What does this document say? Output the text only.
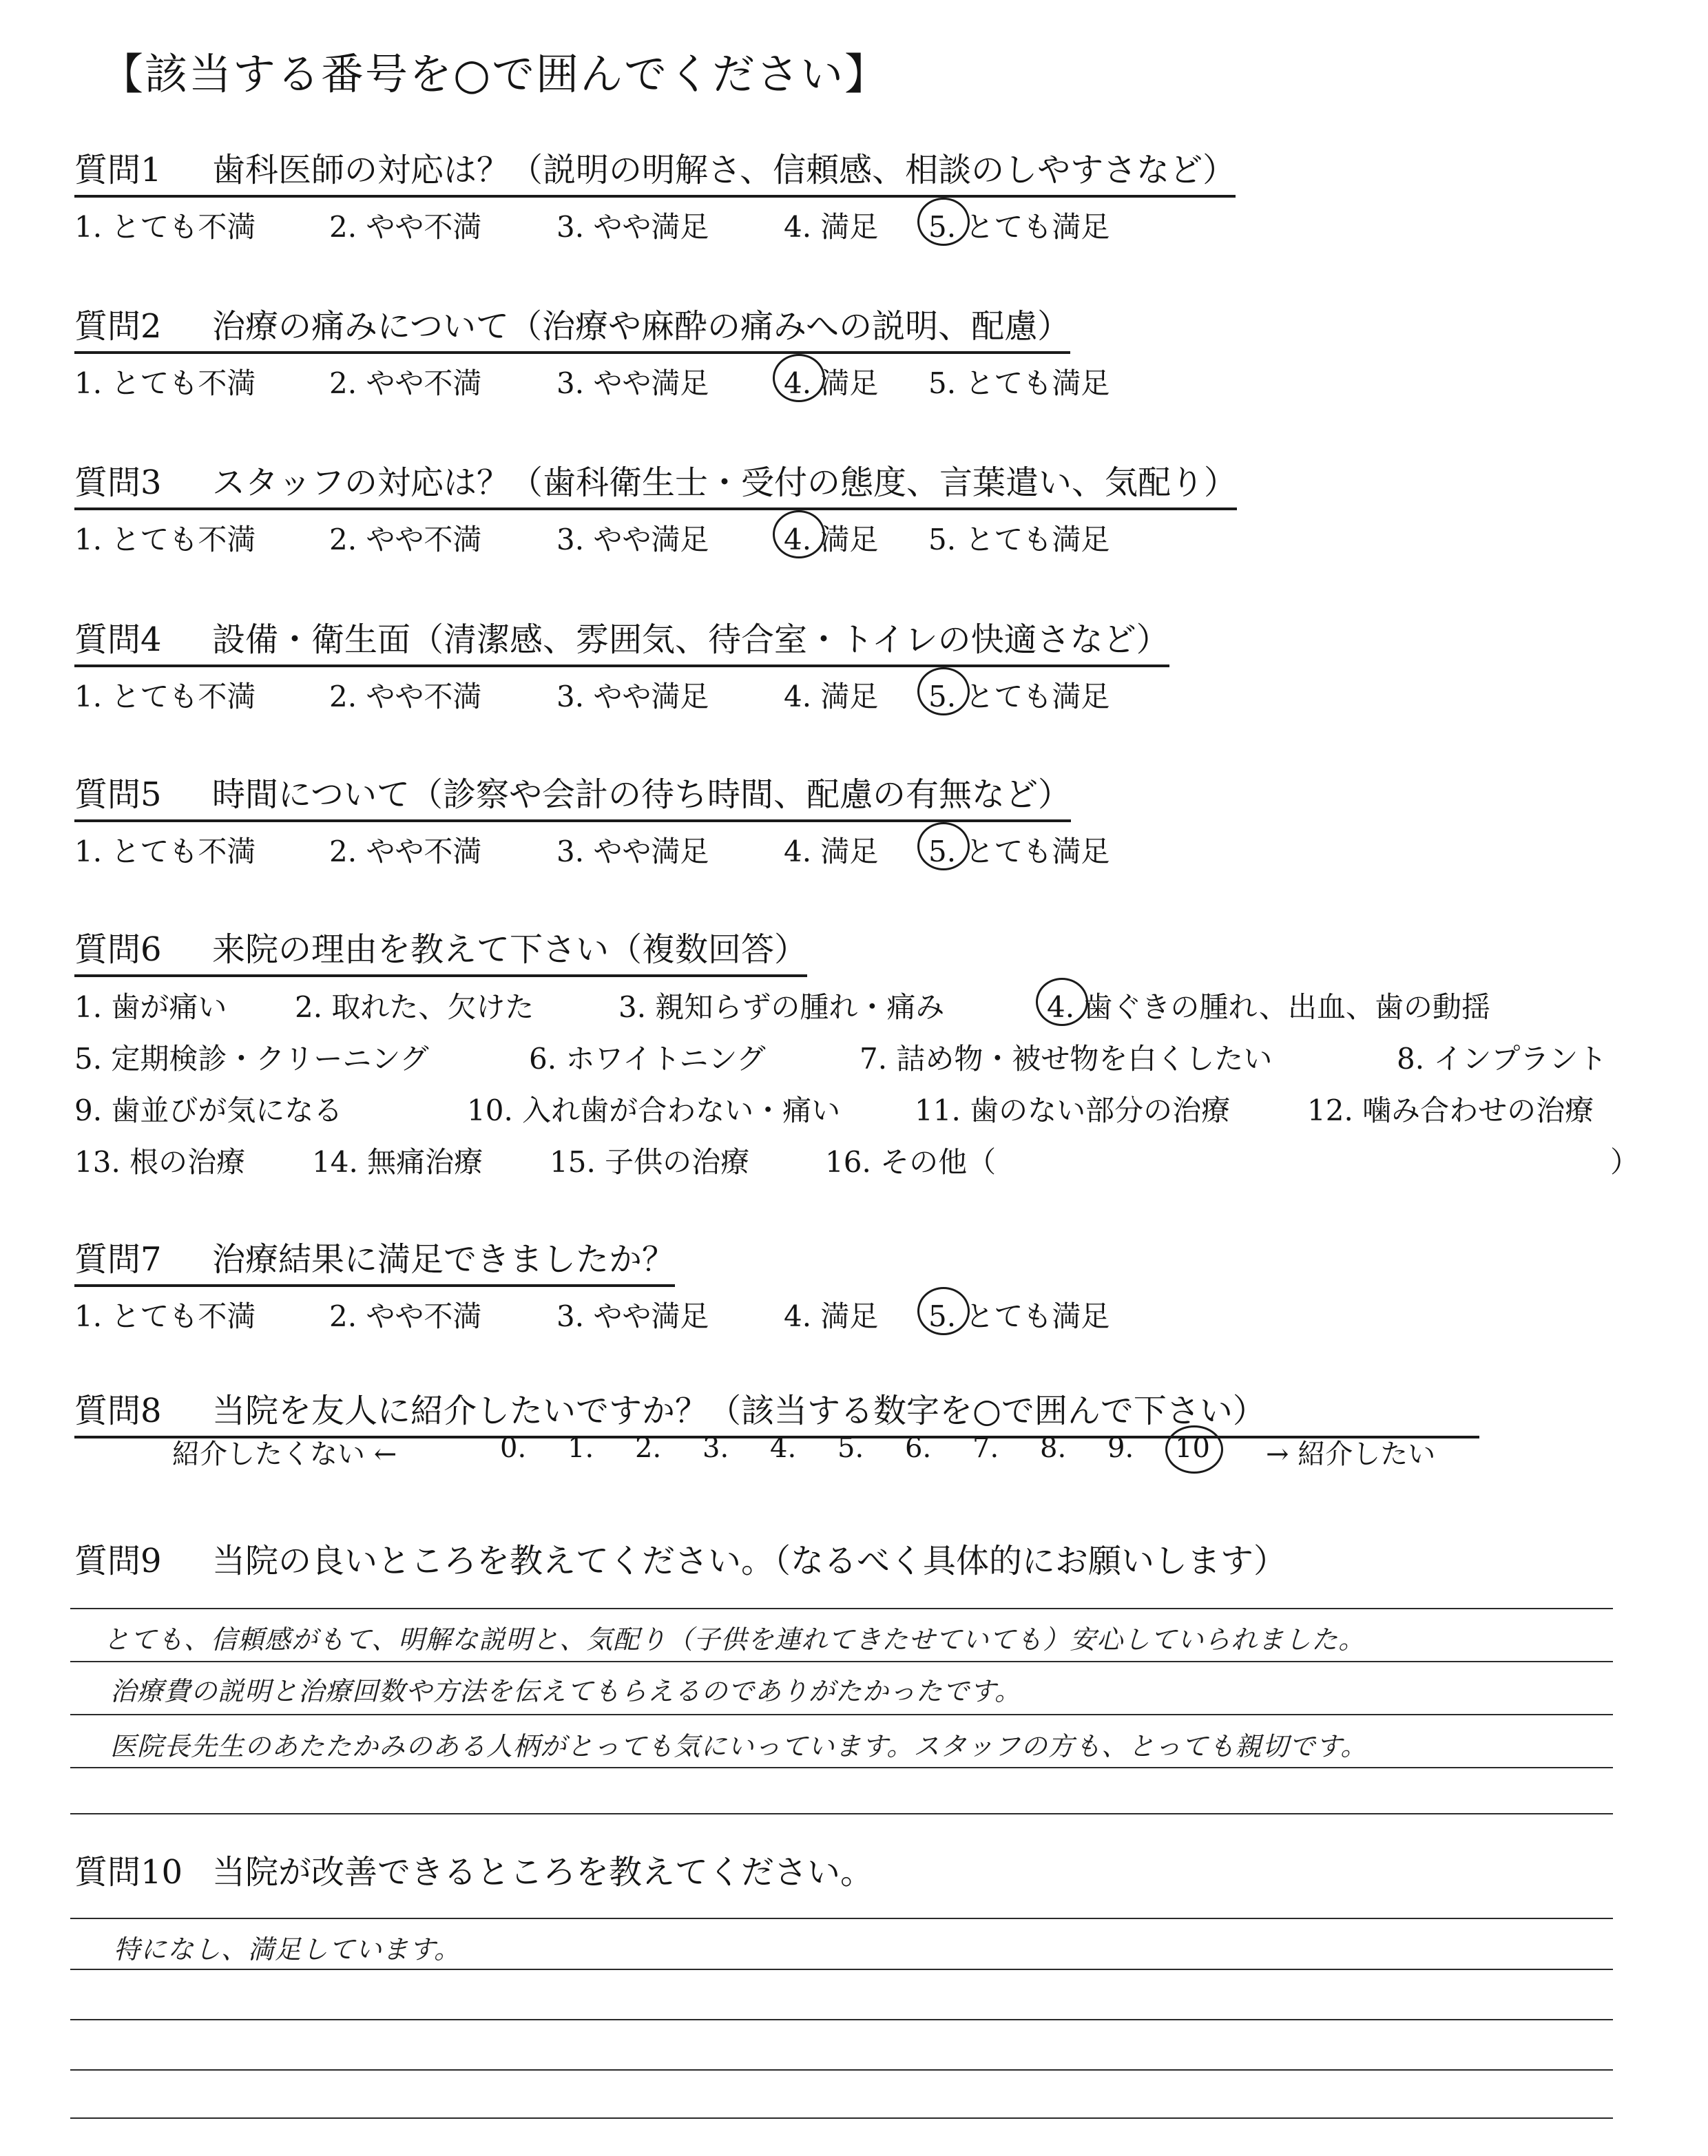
【該当する番号を○で囲んでください】
質問1 歯科医師の対応は？（説明の明解さ、信頼感、相談のしやすさなど）
1. とても不満	2. やや不満	3. やや満足	4. 満足 5. とても満足
質問2 治療の痛みについて（治療や麻酔の痛みへの説明、配慮）
1. とても不満	2. やや不満	3. やや満足	4. 満足 5. とても満足
質問3 スタッフの対応は？（歯科衛生士・受付の態度、言葉遣い、気配り）
1. とても不満	2. やや不満	3. やや満足	4. 満足 5. とても満足
質問4 設備・衛生面（清潔感、雰囲気、待合室・トイレの快適さなど）
1. とても不満	2. やや不満	3. やや満足	4. 満足 5. とても満足
質問5 時間について（診察や会計の待ち時間、配慮の有無など）
1. とても不満	2. やや不満	3. やや満足	4. 満足 5. とても満足
質問6 来院の理由を教えて下さい（複数回答）
1. 歯が痛い 2. 取れた、欠けた	3. 親知らずの腫れ・痛み	4. 歯ぐきの腫れ、出血、歯の動揺
5. 定期検診・クリーニング	6. ホワイトニング	7. 詰め物・被せ物を白くしたい	8. インプラント
9. 歯並びが気になる	10. 入れ歯が合わない・痛い	11. 歯のない部分の治療	12. 噛み合わせの治療
13. 根の治療 14. 無痛治療 15. 子供の治療	16. その他（	）
質問7 治療結果に満足できましたか？
1. とても不満	2. やや不満	3. やや満足	4. 満足 5. とても満足
質問8 当院を友人に紹介したいですか？（該当する数字を○で囲んで下さい）
紹介したくない ←	0. 1. 2. 3. 4. 5. 6. 7. 8. 9. 10 → 紹介したい
質問9 当院の良いところを教えてください。（なるべく具体的にお願いします）
とても、信頼感がもて、明解な説明と、気配り（子供を連れてきたせていても）安心していられました。
治療費の説明と治療回数や方法を伝えてもらえるのでありがたかったです。
医院長先生のあたたかみのある人柄がとっても気にいっています。スタッフの方も、とっても親切です。
質問10 当院が改善できるところを教えてください。
特になし、満足しています。
